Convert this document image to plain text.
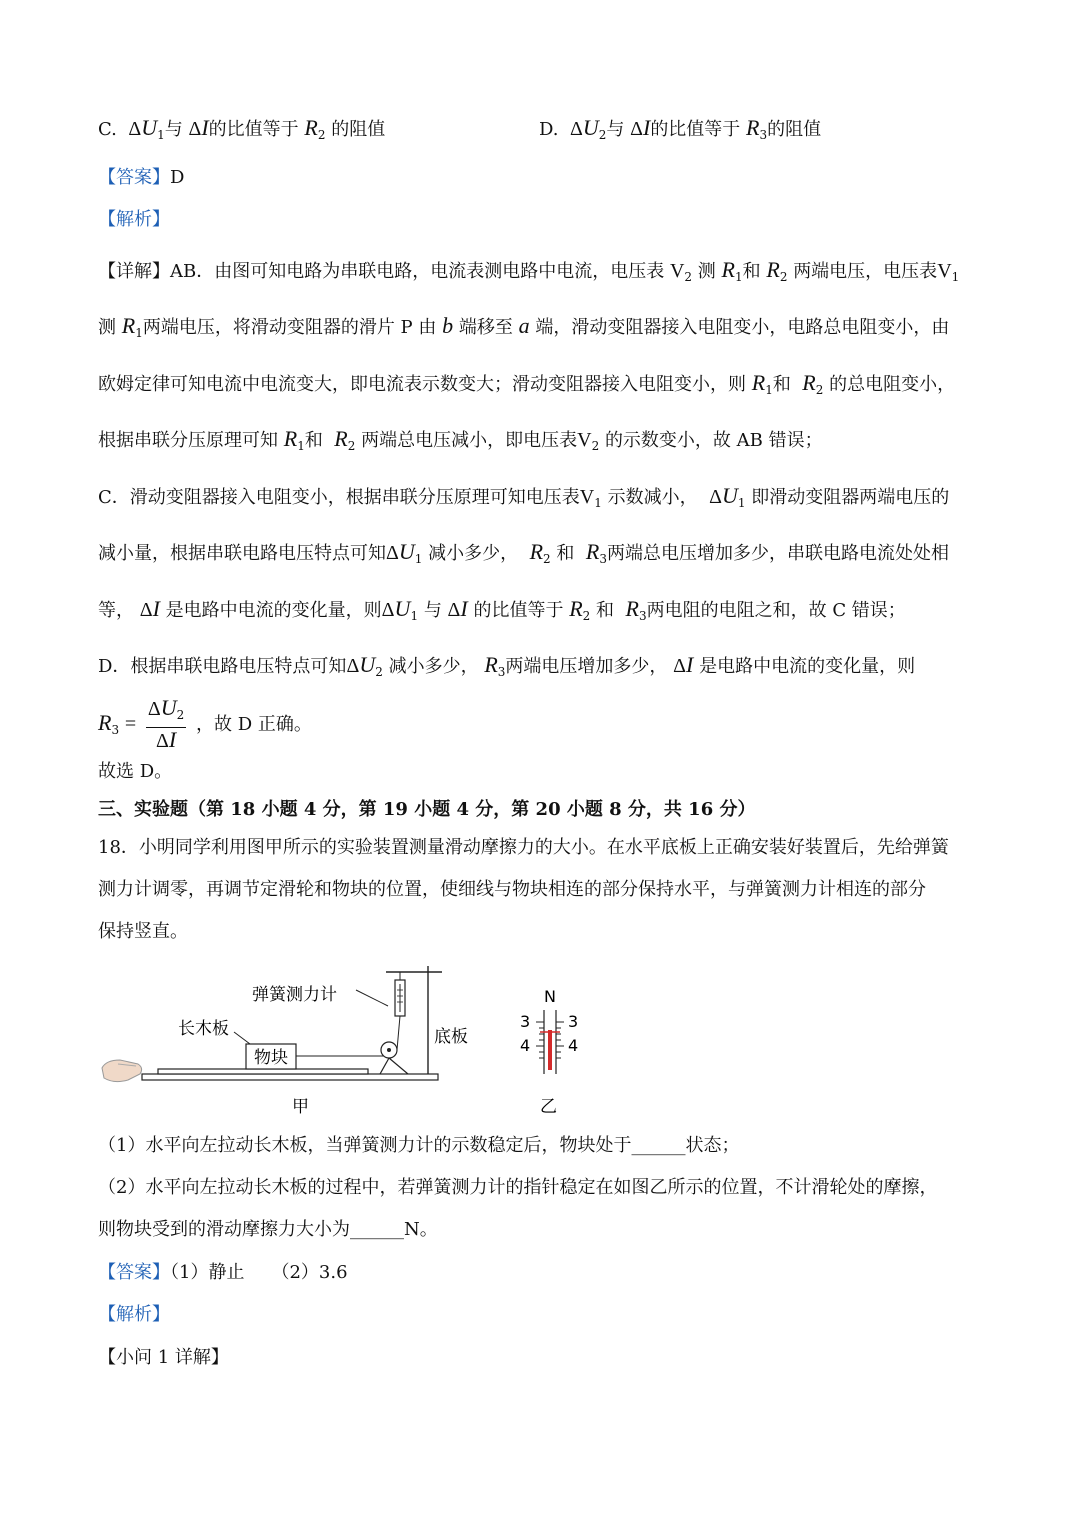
C. $\Delta U_1$与 ΔI的比值等于 $R_2$ 的阻值	D. $\Delta U_2$与 ΔI的比值等于 $R_3$的阻值
【答案】D
【解析】
【详解】AB．由图可知电路为串联电路，电流表测电路中电流，电压表 $V_2$ 测 $R_1$和 $R_2$ 两端电压，电压表$V_1$
测 $R_1$两端电压，将滑动变阻器的滑片 P 由 b 端移至 a 端，滑动变阻器接入电阻变小，电路总电阻变小，由
欧姆定律可知电流中电流变大，即电流表示数变大；滑动变阻器接入电阻变小，则 $R_1$和 $R_2$ 的总电阻变小，
根据串联分压原理可知 $R_1$和 $R_2$ 两端总电压减小，即电压表$V_2$ 的示数变小，故 AB 错误；
C．滑动变阻器接入电阻变小，根据串联分压原理可知电压表$V_1$ 示数减小， $\Delta U_1$ 即滑动变阻器两端电压的
减小量，根据串联电路电压特点可知$\Delta U_1$ 减小多少， $R_2$ 和 $R_3$两端总电压增加多少，串联电路电流处处相
等， ΔI 是电路中电流的变化量，则$\Delta U_1$ 与 ΔI 的比值等于 $R_2$ 和 $R_3$两电阻的电阻之和，故 C 错误；
D．根据串联电路电压特点可知$\Delta U_2$ 减小多少， $R_3$两端电压增加多少， ΔI 是电路中电流的变化量，则
$R_3 = \frac{\Delta U_2}{\Delta I}$ ，故 D 正确。
故选 D。
三、实验题（第 18 小题 4 分，第 19 小题 4 分，第 20 小题 8 分，共 16 分）
18．小明同学利用图甲所示的实验装置测量滑动摩擦力的大小。在水平底板上正确安装好装置后，先给弹簧
测力计调零，再调节定滑轮和物块的位置，使细线与物块相连的部分保持水平，与弹簧测力计相连的部分
保持竖直。
物块
弹簧测力计
长木板	底板
甲
N
3 3
4 4
乙
（1）水平向左拉动长木板，当弹簧测力计的示数稳定后，物块处于______状态；
（2）水平向左拉动长木板的过程中，若弹簧测力计的指针稳定在如图乙所示的位置，不计滑轮处的摩擦，
则物块受到的滑动摩擦力大小为______N。
【答案】（1）静止　　（2）3.6
【解析】
【小问 1 详解】
